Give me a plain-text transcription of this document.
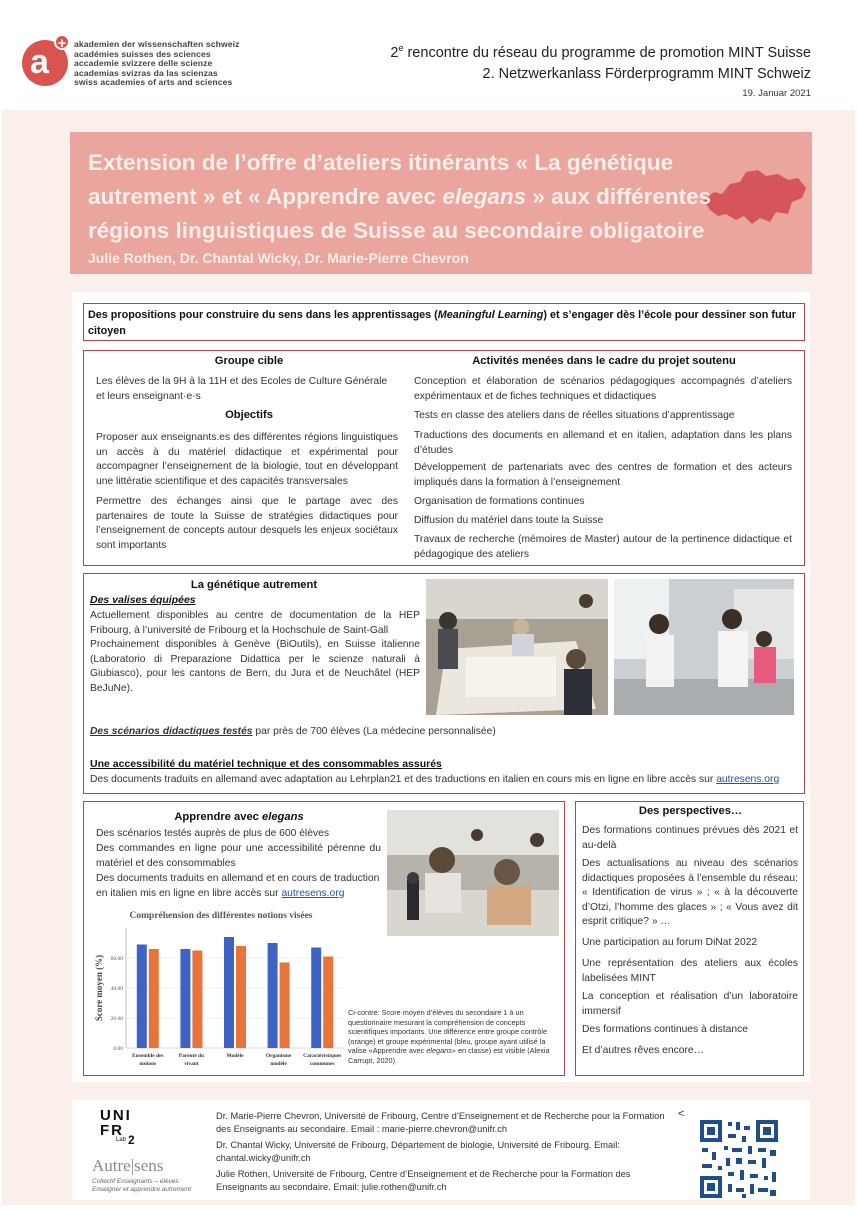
a + akademien der wissenschaften schweiz
académies suisses des sciences
accademie svizzere delle scienze
academias svizras da las scienzas
swiss academies of arts and sciences
2e rencontre du réseau du programme de promotion MINT Suisse
2. Netzwerkanlass Förderprogramm MINT Schweiz
19. Januar 2021
Extension de l’offre d’ateliers itinérants « La génétique
autrement » et « Apprendre avec elegans » aux différentes
régions linguistiques de Suisse au secondaire obligatoire
Julie Rothen, Dr. Chantal Wicky, Dr. Marie-Pierre Chevron
Des propositions pour construire du sens dans les apprentissages (Meaningful Learning) et s’engager dès l’école pour dessiner son futur citoyen
Groupe cible
Les élèves de la 9H à la 11H et des Ecoles de Culture Générale et leurs enseignant·e·s
Objectifs
Proposer aux enseignants.es des différentes régions linguistiques un accès à du matériel didactique et expérimental pour accompagner l’enseignement de la biologie, tout en développant une littératie scientifique et des capacités transversales
Permettre des échanges ainsi que le partage avec des partenaires de toute la Suisse de stratégies didactiques pour l’enseignement de concepts autour desquels les enjeux sociétaux sont importants
Activités menées dans le cadre du projet soutenu
Conception et élaboration de scénarios pédagogiques accompagnés d’ateliers expérimentaux et de fiches techniques et didactiques
Tests en classe des ateliers dans de réelles situations d’apprentissage
Traductions des documents en allemand et en italien, adaptation dans les plans d’études
Développement de partenariats avec des centres de formation et des acteurs impliqués dans la formation à l’enseignement
Organisation de formations continues
Diffusion du matériel dans toute la Suisse
Travaux de recherche (mémoires de Master) autour de la pertinence didactique et pédagogique des ateliers
La génétique autrement
Des valises équipées
Actuellement disponibles au centre de documentation de la HEP Fribourg, à l’université de Fribourg et la Hochschule de Saint-Gall
Prochainement disponibles à Genève (BiOutils), en Suisse italienne (Laboratorio di Preparazione Didattica per le scienze naturali à Giubiasco), pour les cantons de Bern, du Jura et de Neuchâtel (HEP BeJuNe).
Des scénarios didactiques testés par près de 700 élèves (La médecine personnalisée)
Une accessibilité du matériel technique et des consommables assurés
Des documents traduits en allemand avec adaptation au Lehrplan21 et des traductions en italien en cours mis en ligne en libre accès sur autresens.org
Apprendre avec elegans
Des scénarios testés auprès de plus de 600 élèves
Des commandes en ligne pour une accessibilité pérenne du matériel et des consommables
Des documents traduits en allemand et en cours de traduction en italien mis en ligne en libre accès sur autresens.org
Compréhension des différentes notions visées
Score moyen (%)
0.00
20.00
40.00
60.00
Ensemble des
notions
Parenté du
vivant
Modèle	Organisme
modèle
Caractéristiques
communes
Ci-contre: Score moyen d’élèves du secondaire 1 à un questionnaire mesurant la compréhension de concepts scientifiques importants. Une différence entre groupe contrôle (orange) et groupe expérimental (bleu, groupe ayant utilisé la valise «Apprendre avec elegans» en classe) est visible (Alexia Carrupt, 2020).
Des perspectives…
Des formations continues prévues dès 2021 et au-delà
Des actualisations au niveau des scénarios didactiques proposées à l’ensemble du réseau: « Identification de virus » ; « à la découverte d’Otzi, l’homme des glaces » ; « Vous avez dit esprit critique? » …
Une participation au forum DiNat 2022
Une représentation des ateliers aux écoles labelisées MINT
La conception et réalisation d’un laboratoire immersif
Des formations continues à distance
Et d’autres rêves encore…
UNI
FR
Lab 2
Autre|sens
Collectif Enseignants – élèves
Enseigner et apprendre autrement
Dr. Marie-Pierre Chevron, Université de Fribourg, Centre d’Enseignement et de Recherche pour la Formation des Enseignants au secondaire. Email : marie-pierre.chevron@unifr.ch
Dr. Chantal Wicky, Université de Fribourg, Département de biologie, Université de Fribourg. Email: chantal.wicky@unifr.ch
Julie Rothen, Université de Fribourg, Centre d’Enseignement et de Recherche pour la Formation des Enseignants au secondaire. Email: julie.rothen@unifr.ch
<
